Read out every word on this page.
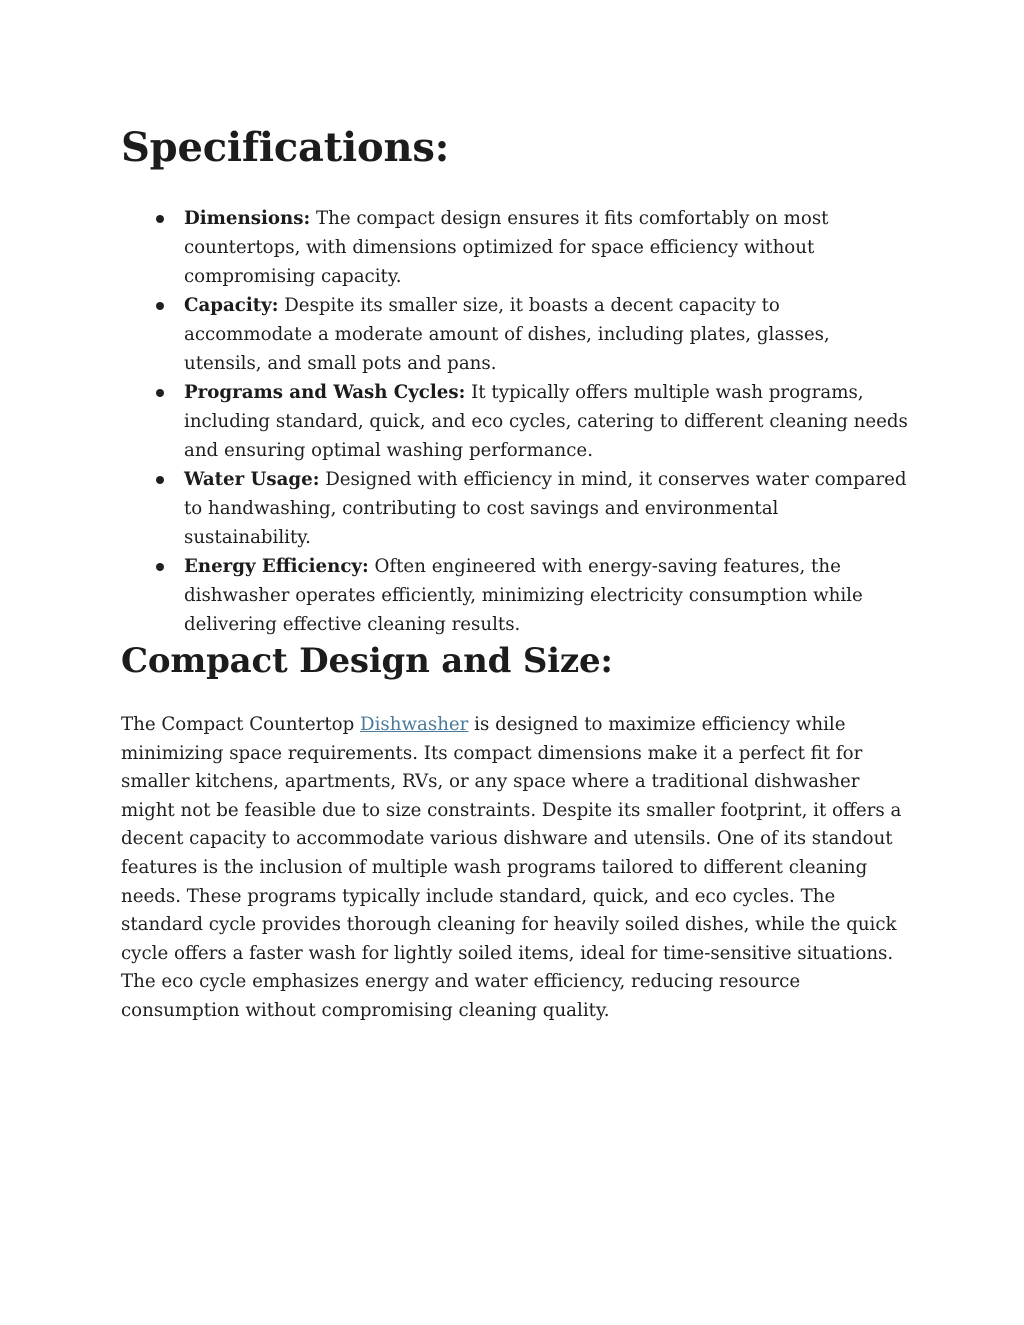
Specifications:
Dimensions: The compact design ensures it fits comfortably on most countertops, with dimensions optimized for space efficiency without compromising capacity.
Capacity: Despite its smaller size, it boasts a decent capacity to accommodate a moderate amount of dishes, including plates, glasses, utensils, and small pots and pans.
Programs and Wash Cycles: It typically offers multiple wash programs, including standard, quick, and eco cycles, catering to different cleaning needs and ensuring optimal washing performance.
Water Usage: Designed with efficiency in mind, it conserves water compared to handwashing, contributing to cost savings and environmental sustainability.
Energy Efficiency: Often engineered with energy-saving features, the dishwasher operates efficiently, minimizing electricity consumption while delivering effective cleaning results.
Compact Design and Size:

The Compact Countertop Dishwasher is designed to maximize efficiency while minimizing space requirements. Its compact dimensions make it a perfect fit for smaller kitchens, apartments, RVs, or any space where a traditional dishwasher might not be feasible due to size constraints. Despite its smaller footprint, it offers a decent capacity to accommodate various dishware and utensils. One of its standout features is the inclusion of multiple wash programs tailored to different cleaning needs. These programs typically include standard, quick, and eco cycles. The standard cycle provides thorough cleaning for heavily soiled dishes, while the quick cycle offers a faster wash for lightly soiled items, ideal for time-sensitive situations. The eco cycle emphasizes energy and water efficiency, reducing resource consumption without compromising cleaning quality.
